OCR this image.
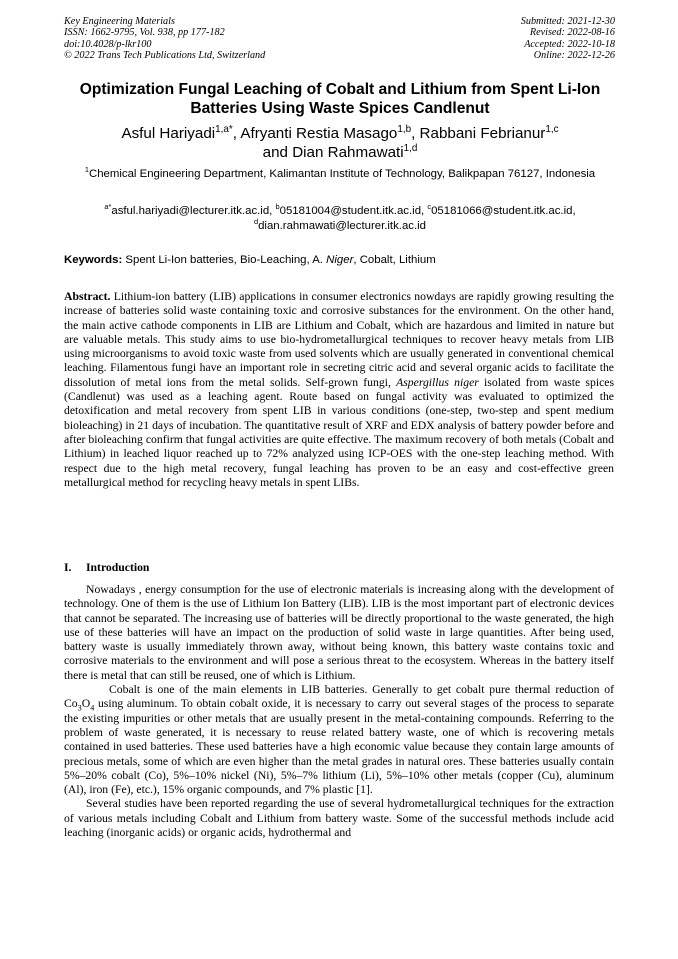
Key Engineering Materials
ISSN: 1662-9795, Vol. 938, pp 177-182
doi:10.4028/p-lkr100
© 2022 Trans Tech Publications Ltd, Switzerland
Submitted: 2021-12-30
Revised: 2022-08-16
Accepted: 2022-10-18
Online: 2022-12-26
Optimization Fungal Leaching of Cobalt and Lithium from Spent Li-Ion Batteries Using Waste Spices Candlenut
Asful Hariyadi$^{1,a*}$, Afryanti Restia Masago$^{1,b}$, Rabbani Febrianur$^{1,c}$
and Dian Rahmawati$^{1,d}$
$^1$Chemical Engineering Department, Kalimantan Institute of Technology, Balikpapan 76127, Indonesia
$^{a*}$asful.hariyadi@lecturer.itk.ac.id, $^b$05181004@student.itk.ac.id, $^c$05181066@student.itk.ac.id,
$^d$dian.rahmawati@lecturer.itk.ac.id
Keywords: Spent Li-Ion batteries, Bio-Leaching, A. Niger, Cobalt, Lithium
Abstract. Lithium-ion battery (LIB) applications in consumer electronics nowdays are rapidly growing resulting the increase of batteries solid waste containing toxic and corrosive substances for the environment. On the other hand, the main active cathode components in LIB are Lithium and Cobalt, which are hazardous and limited in nature but are valuable metals. This study aims to use bio-hydrometallurgical techniques to recover heavy metals from LIB using microorganisms to avoid toxic waste from used solvents which are usually generated in conventional chemical leaching. Filamentous fungi have an important role in secreting citric acid and several organic acids to facilitate the dissolution of metal ions from the metal solids. Self-grown fungi, Aspergillus niger isolated from waste spices (Candlenut) was used as a leaching agent. Route based on fungal activity was evaluated to optimized the detoxification and metal recovery from spent LIB in various conditions (one-step, two-step and spent medium bioleaching) in 21 days of incubation. The quantitative result of XRF and EDX analysis of battery powder before and after bioleaching confirm that fungal activities are quite effective. The maximum recovery of both metals (Cobalt and Lithium) in leached liquor reached up to 72% analyzed using ICP-OES with the one-step leaching method. With respect due to the high metal recovery, fungal leaching has proven to be an easy and cost-effective green metallurgical method for recycling heavy metals in spent LIBs.
I. Introduction

Nowadays , energy consumption for the use of electronic materials is increasing along with the development of technology. One of them is the use of Lithium Ion Battery (LIB). LIB is the most important part of electronic devices that cannot be separated. The increasing use of batteries will be directly proportional to the waste generated, the high use of these batteries will have an impact on the production of solid waste in large quantities. After being used, battery waste is usually immediately thrown away, without being known, this battery waste contains toxic and corrosive materials to the environment and will pose a serious threat to the ecosystem. Whereas in the battery itself there is metal that can still be reused, one of which is Lithium.

Cobalt is one of the main elements in LIB batteries. Generally to get cobalt pure thermal reduction of $Co_3O_4$ using aluminum. To obtain cobalt oxide, it is necessary to carry out several stages of the process to separate the existing impurities or other metals that are usually present in the metal-containing compounds. Referring to the problem of waste generated, it is necessary to reuse related battery waste, one of which is recovering metals contained in used batteries. These used batteries have a high economic value because they contain large amounts of precious metals, some of which are even higher than the metal grades in natural ores. These batteries usually contain 5%–20% cobalt (Co), 5%–10% nickel (Ni), 5%–7% lithium (Li), 5%–10% other metals (copper (Cu), aluminum (Al), iron (Fe), etc.), 15% organic compounds, and 7% plastic [1].

Several studies have been reported regarding the use of several hydrometallurgical techniques for the extraction of various metals including Cobalt and Lithium from battery waste. Some of the successful methods include acid leaching (inorganic acids) or organic acids, hydrothermal and
